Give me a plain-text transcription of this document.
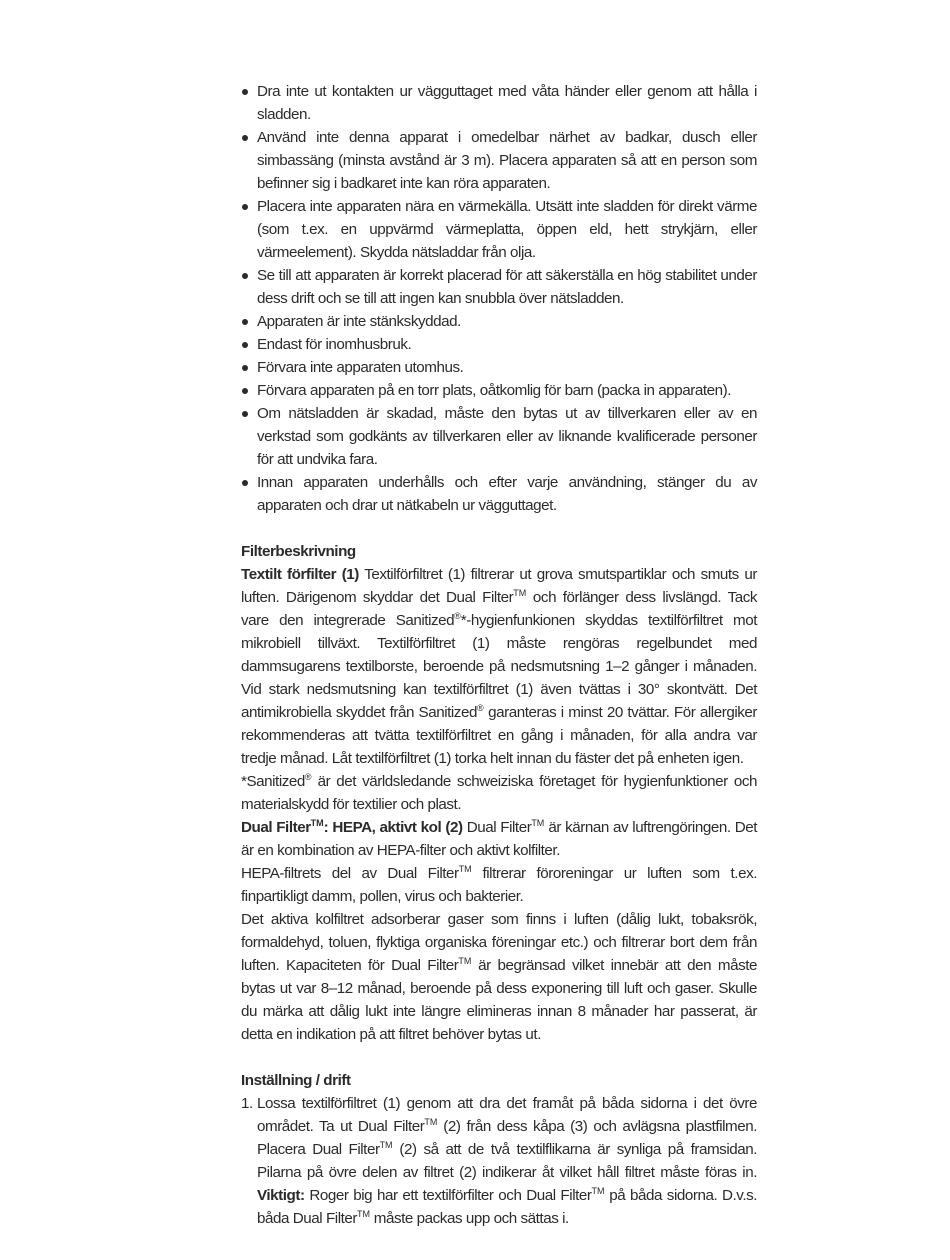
Dra inte ut kontakten ur vägguttaget med våta händer eller genom att hålla i sladden.
Använd inte denna apparat i omedelbar närhet av badkar, dusch eller simbassäng (minsta avstånd är 3 m). Placera apparaten så att en person som befinner sig i badkaret inte kan röra apparaten.
Placera inte apparaten nära en värmekälla. Utsätt inte sladden för direkt värme (som t.ex. en uppvärmd värmeplatta, öppen eld, hett strykjärn, eller värmeelement). Skydda nätsladdar från olja.
Se till att apparaten är korrekt placerad för att säkerställa en hög stabilitet under dess drift och se till att ingen kan snubbla över nätsladden.
Apparaten är inte stänkskyddad.
Endast för inomhusbruk.
Förvara inte apparaten utomhus.
Förvara apparaten på en torr plats, oåtkomlig för barn (packa in apparaten).
Om nätsladden är skadad, måste den bytas ut av tillverkaren eller av en verkstad som godkänts av tillverkaren eller av liknande kvalificerade personer för att undvika fara.
Innan apparaten underhålls och efter varje användning, stänger du av apparaten och drar ut nätkabeln ur vägguttaget.
Filterbeskrivning

Textilt förfilter (1) Textilförfiltret (1) filtrerar ut grova smutspartiklar och smuts ur luften. Därigenom skyddar det Dual Filter™ och förlänger dess livslängd. Tack vare den integrerade Sanitized®*-hygienfunkionen skyddas textilförfiltret mot mikrobiell tillväxt. Textilförfiltret (1) måste rengöras regelbundet med dammsugarens textilborste, beroende på nedsmutsning 1–2 gånger i månaden. Vid stark nedsmutsning kan textilförfiltret (1) även tvättas i 30° skontvätt. Det antimikrobiella skyddet från Sanitized® garanteras i minst 20 tvättar. För allergiker rekommenderas att tvätta textilförfiltret en gång i månaden, för alla andra var tredje månad. Låt textilförfiltret (1) torka helt innan du fäster det på enheten igen.

*Sanitized® är det världsledande schweiziska företaget för hygienfunktioner och materialskydd för textilier och plast.

Dual Filter™: HEPA, aktivt kol (2) Dual Filter™ är kärnan av luftrengöringen. Det är en kombination av HEPA-filter och aktivt kolfilter.

HEPA-filtrets del av Dual Filter™ filtrerar föroreningar ur luften som t.ex. finpartikligt damm, pollen, virus och bakterier.

Det aktiva kolfiltret adsorberar gaser som finns i luften (dålig lukt, tobaksrök, formaldehyd, toluen, flyktiga organiska föreningar etc.) och filtrerar bort dem från luften. Kapaciteten för Dual Filter™ är begränsad vilket innebär att den måste bytas ut var 8–12 månad, beroende på dess exponering till luft och gaser. Skulle du märka att dålig lukt inte längre elimineras innan 8 månader har passerat, är detta en indikation på att filtret behöver bytas ut.

Inställning / drift
1. Lossa textilförfiltret (1) genom att dra det framåt på båda sidorna i det övre området. Ta ut Dual Filter™ (2) från dess kåpa (3) och avlägsna plastfilmen. Placera Dual Filter™ (2) så att de två textilflikarna är synliga på framsidan. Pilarna på övre delen av filtret (2) indikerar åt vilket håll filtret måste föras in. Viktigt: Roger big har ett textilförfilter och Dual Filter™ på båda sidorna. D.v.s. båda Dual Filter™ måste packas upp och sättas i.
